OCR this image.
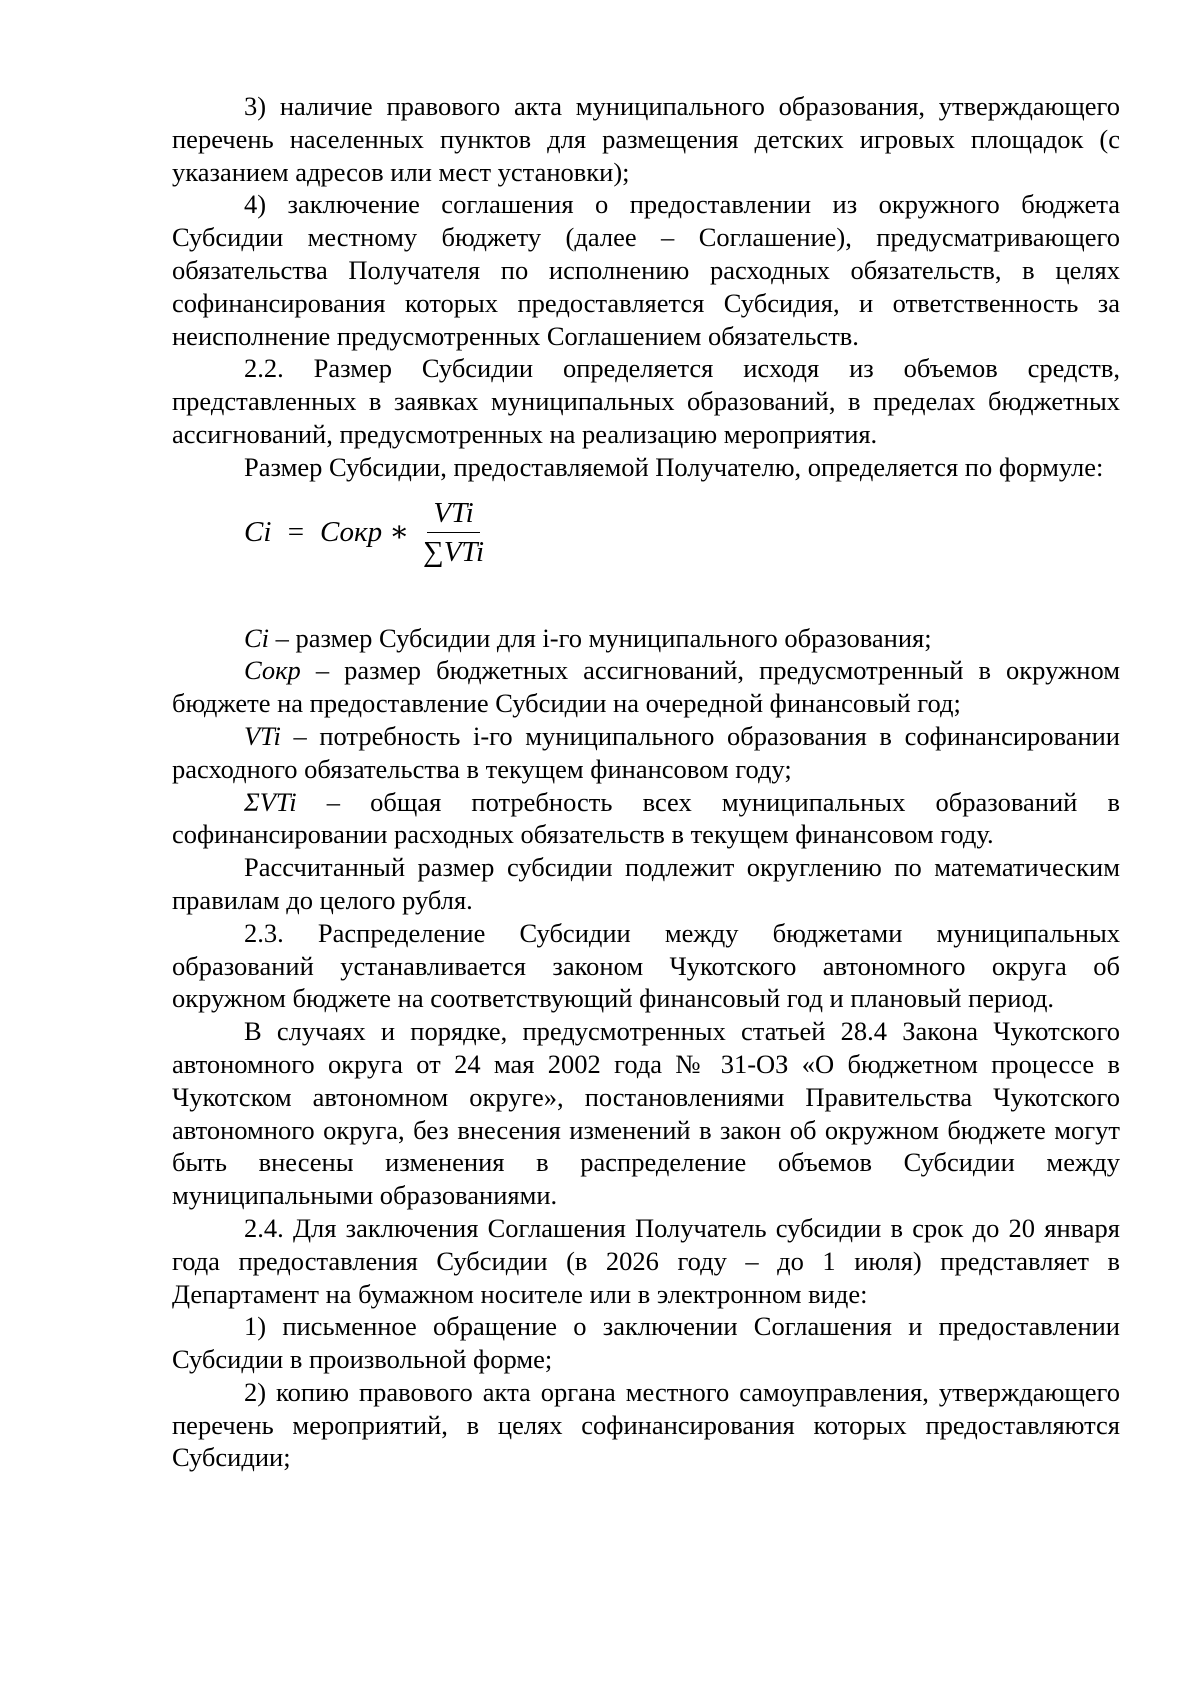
3) наличие правового акта муниципального образования, утверждающего перечень населенных пунктов для размещения детских игровых площадок (с указанием адресов или мест установки);

4) заключение соглашения о предоставлении из окружного бюджета Субсидии местному бюджету (далее – Соглашение), предусматривающего обязательства Получателя по исполнению расходных обязательств, в целях софинансирования которых предоставляется Субсидия, и ответственность за неисполнение предусмотренных Соглашением обязательств.

2.2. Размер Субсидии определяется исходя из объемов средств, представленных в заявках муниципальных образований, в пределах бюджетных ассигнований, предусмотренных на реализацию мероприятия.

Размер Субсидии, предоставляемой Получателю, определяется по формуле:

Ci  =  Сокр ∗ $\frac{\text{VTi}}{\text{∑VTi}}$

Ci – размер Субсидии для i-го муниципального образования;

Сокр – размер бюджетных ассигнований, предусмотренный в окружном бюджете на предоставление Субсидии на очередной финансовый год;

VTi – потребность i-го муниципального образования в софинансировании расходного обязательства в текущем финансовом году;

ΣVTi – общая потребность всех муниципальных образований в софинансировании расходных обязательств в текущем финансовом году.

Рассчитанный размер субсидии подлежит округлению по математическим правилам до целого рубля.

2.3. Распределение Субсидии между бюджетами муниципальных образований устанавливается законом Чукотского автономного округа об окружном бюджете на соответствующий финансовый год и плановый период.

В случаях и порядке, предусмотренных статьей 28.4 Закона Чукотского автономного округа от 24 мая 2002 года № 31-ОЗ «О бюджетном процессе в Чукотском автономном округе», постановлениями Правительства Чукотского автономного округа, без внесения изменений в закон об окружном бюджете могут быть внесены изменения в распределение объемов Субсидии между муниципальными образованиями.

2.4. Для заключения Соглашения Получатель субсидии в срок до 20 января года предоставления Субсидии (в 2026 году – до 1 июля) представляет в Департамент на бумажном носителе или в электронном виде:

1) письменное обращение о заключении Соглашения и предоставлении Субсидии в произвольной форме;

2) копию правового акта органа местного самоуправления, утверждающего перечень мероприятий, в целях софинансирования которых предоставляются Субсидии;
